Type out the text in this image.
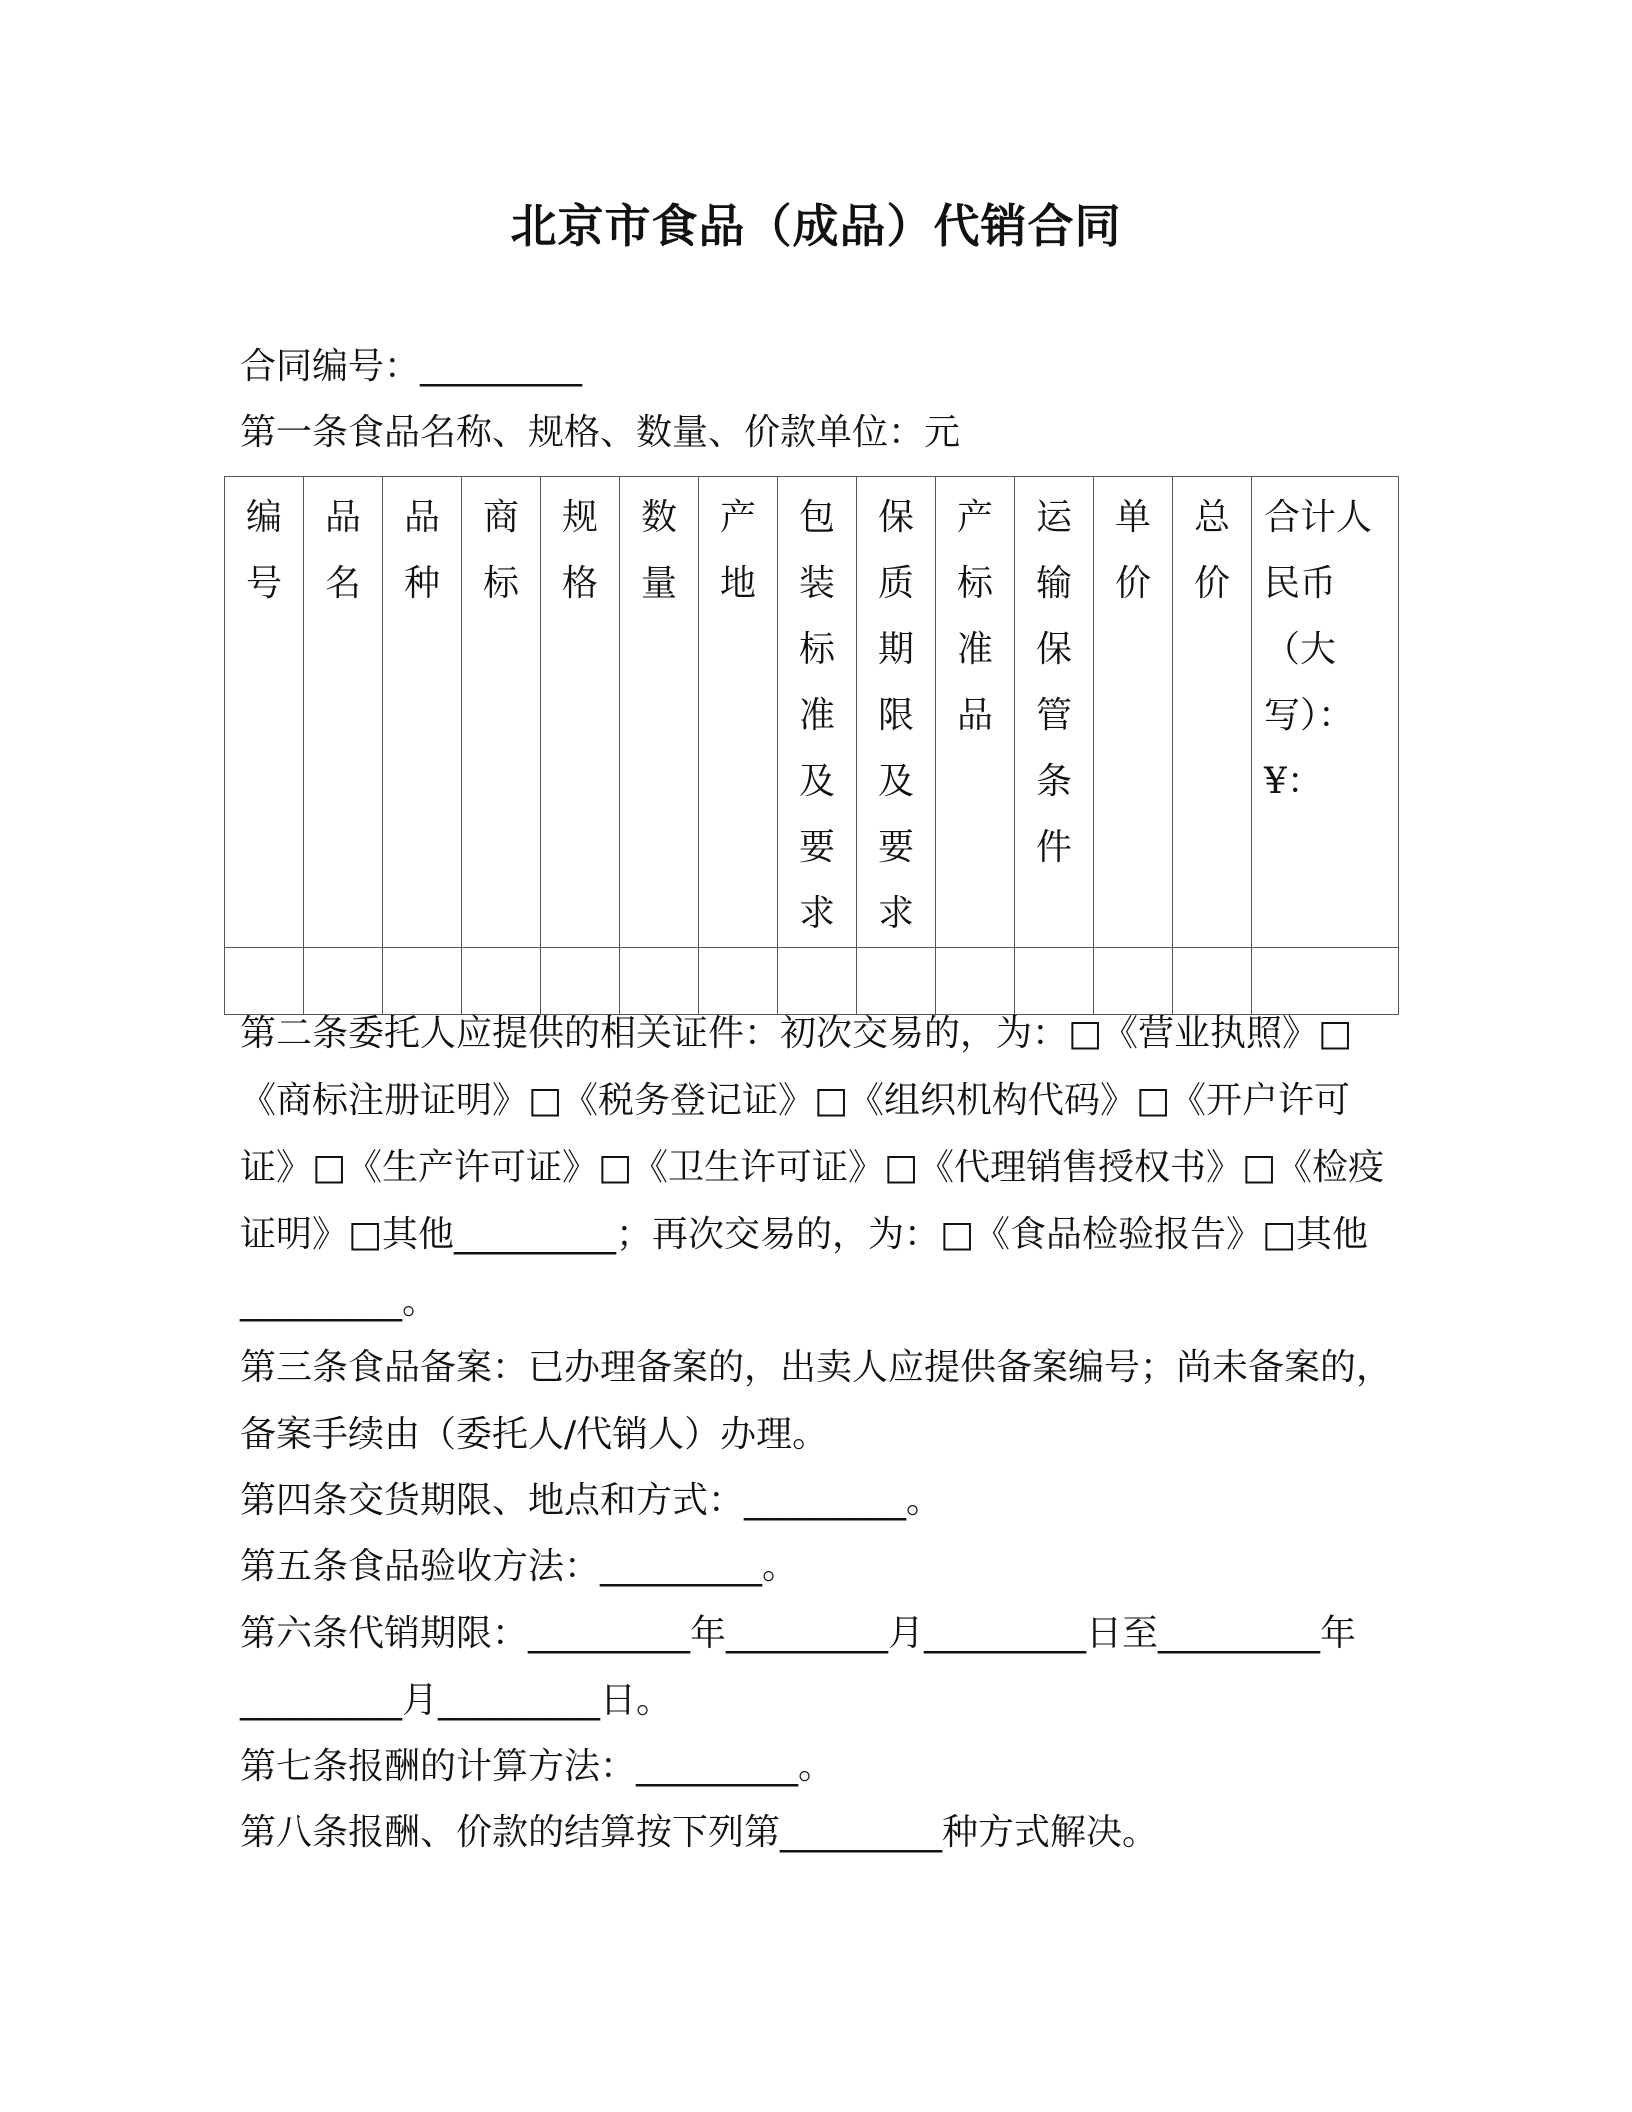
北京市食品（成品）代销合同
合同编号：_________
第一条食品名称、规格、数量、价款单位：元
编号	品名	品种	商标	规格	数量	产地	包装标准及要求	保质期限及要求	产标准品	运输保管条件	单价	总价	合计人民币（大写）：¥：

第二条委托人应提供的相关证件：初次交易的，为：□《营业执照》□《商标注册证明》□《税务登记证》□《组织机构代码》□《开户许可证》□《生产许可证》□《卫生许可证》□《代理销售授权书》□《检疫证明》□其他_________；再次交易的，为：□《食品检验报告》□其他_________。
第三条食品备案：已办理备案的，出卖人应提供备案编号；尚未备案的，备案手续由（委托人/代销人）办理。
第四条交货期限、地点和方式：_________。
第五条食品验收方法：_________。
第六条代销期限：_________年_________月_________日至_________年_________月_________日。
第七条报酬的计算方法：_________。
第八条报酬、价款的结算按下列第_________种方式解决。
